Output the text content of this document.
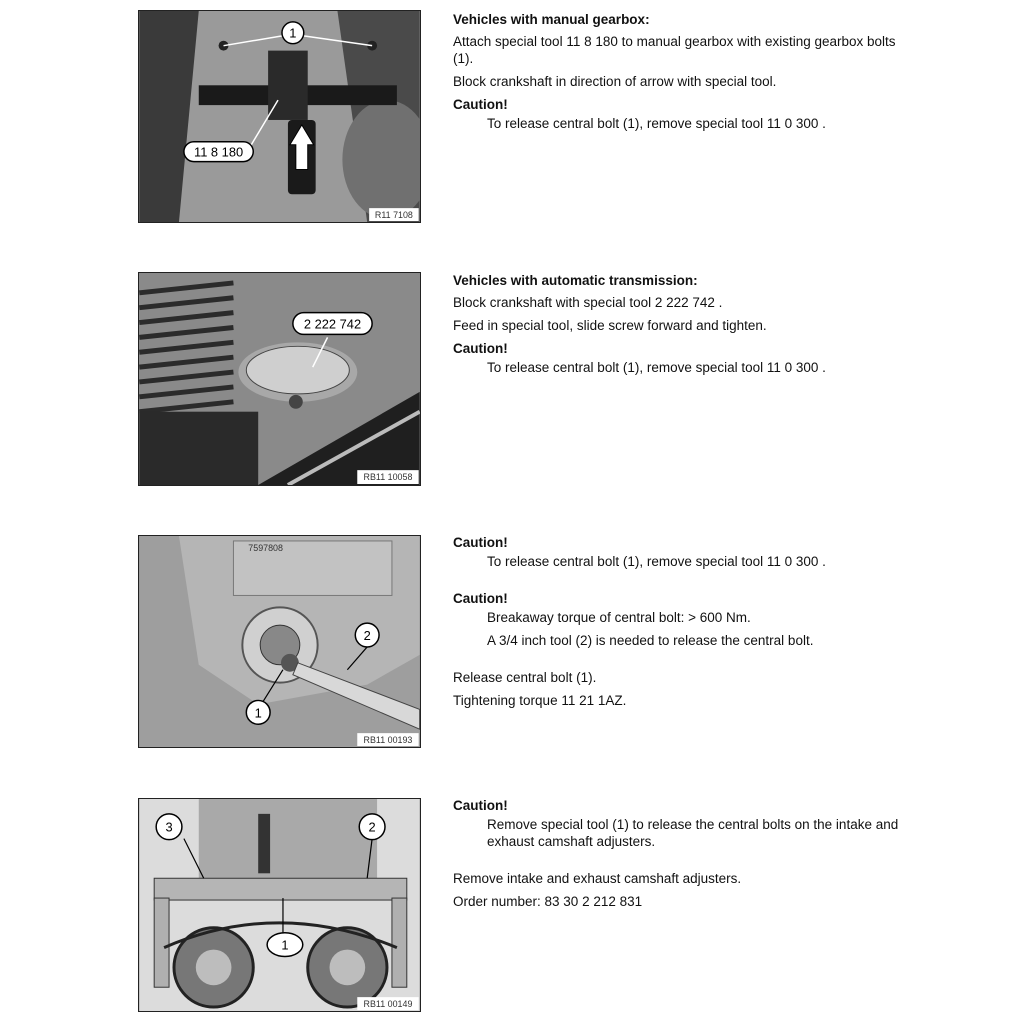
1
11 8 180
R11 7108

Vehicles with manual gearbox:

Attach special tool 11 8 180 to manual gearbox with existing gearbox bolts (1).

Block crankshaft in direction of arrow with special tool.

Caution!

To release central bolt (1), remove special tool 11 0 300 .

2 222 742
RB11 10058

Vehicles with automatic transmission:

Block crankshaft with special tool 2 222 742 .

Feed in special tool, slide screw forward and tighten.

Caution!

To release central bolt (1), remove special tool 11 0 300 .

7597808
1
2
RB11 00193

Caution!

To release central bolt (1), remove special tool 11 0 300 .

Caution!

Breakaway torque of central bolt: > 600 Nm.

A 3/4 inch tool (2) is needed to release the central bolt.

Release central bolt (1).

Tightening torque 11 21 1AZ.

3	2
1
RB11 00149

Caution!

Remove special tool (1) to release the central bolts on the intake and exhaust camshaft adjusters.

Remove intake and exhaust camshaft adjusters.

Order number: 83 30 2 212 831
